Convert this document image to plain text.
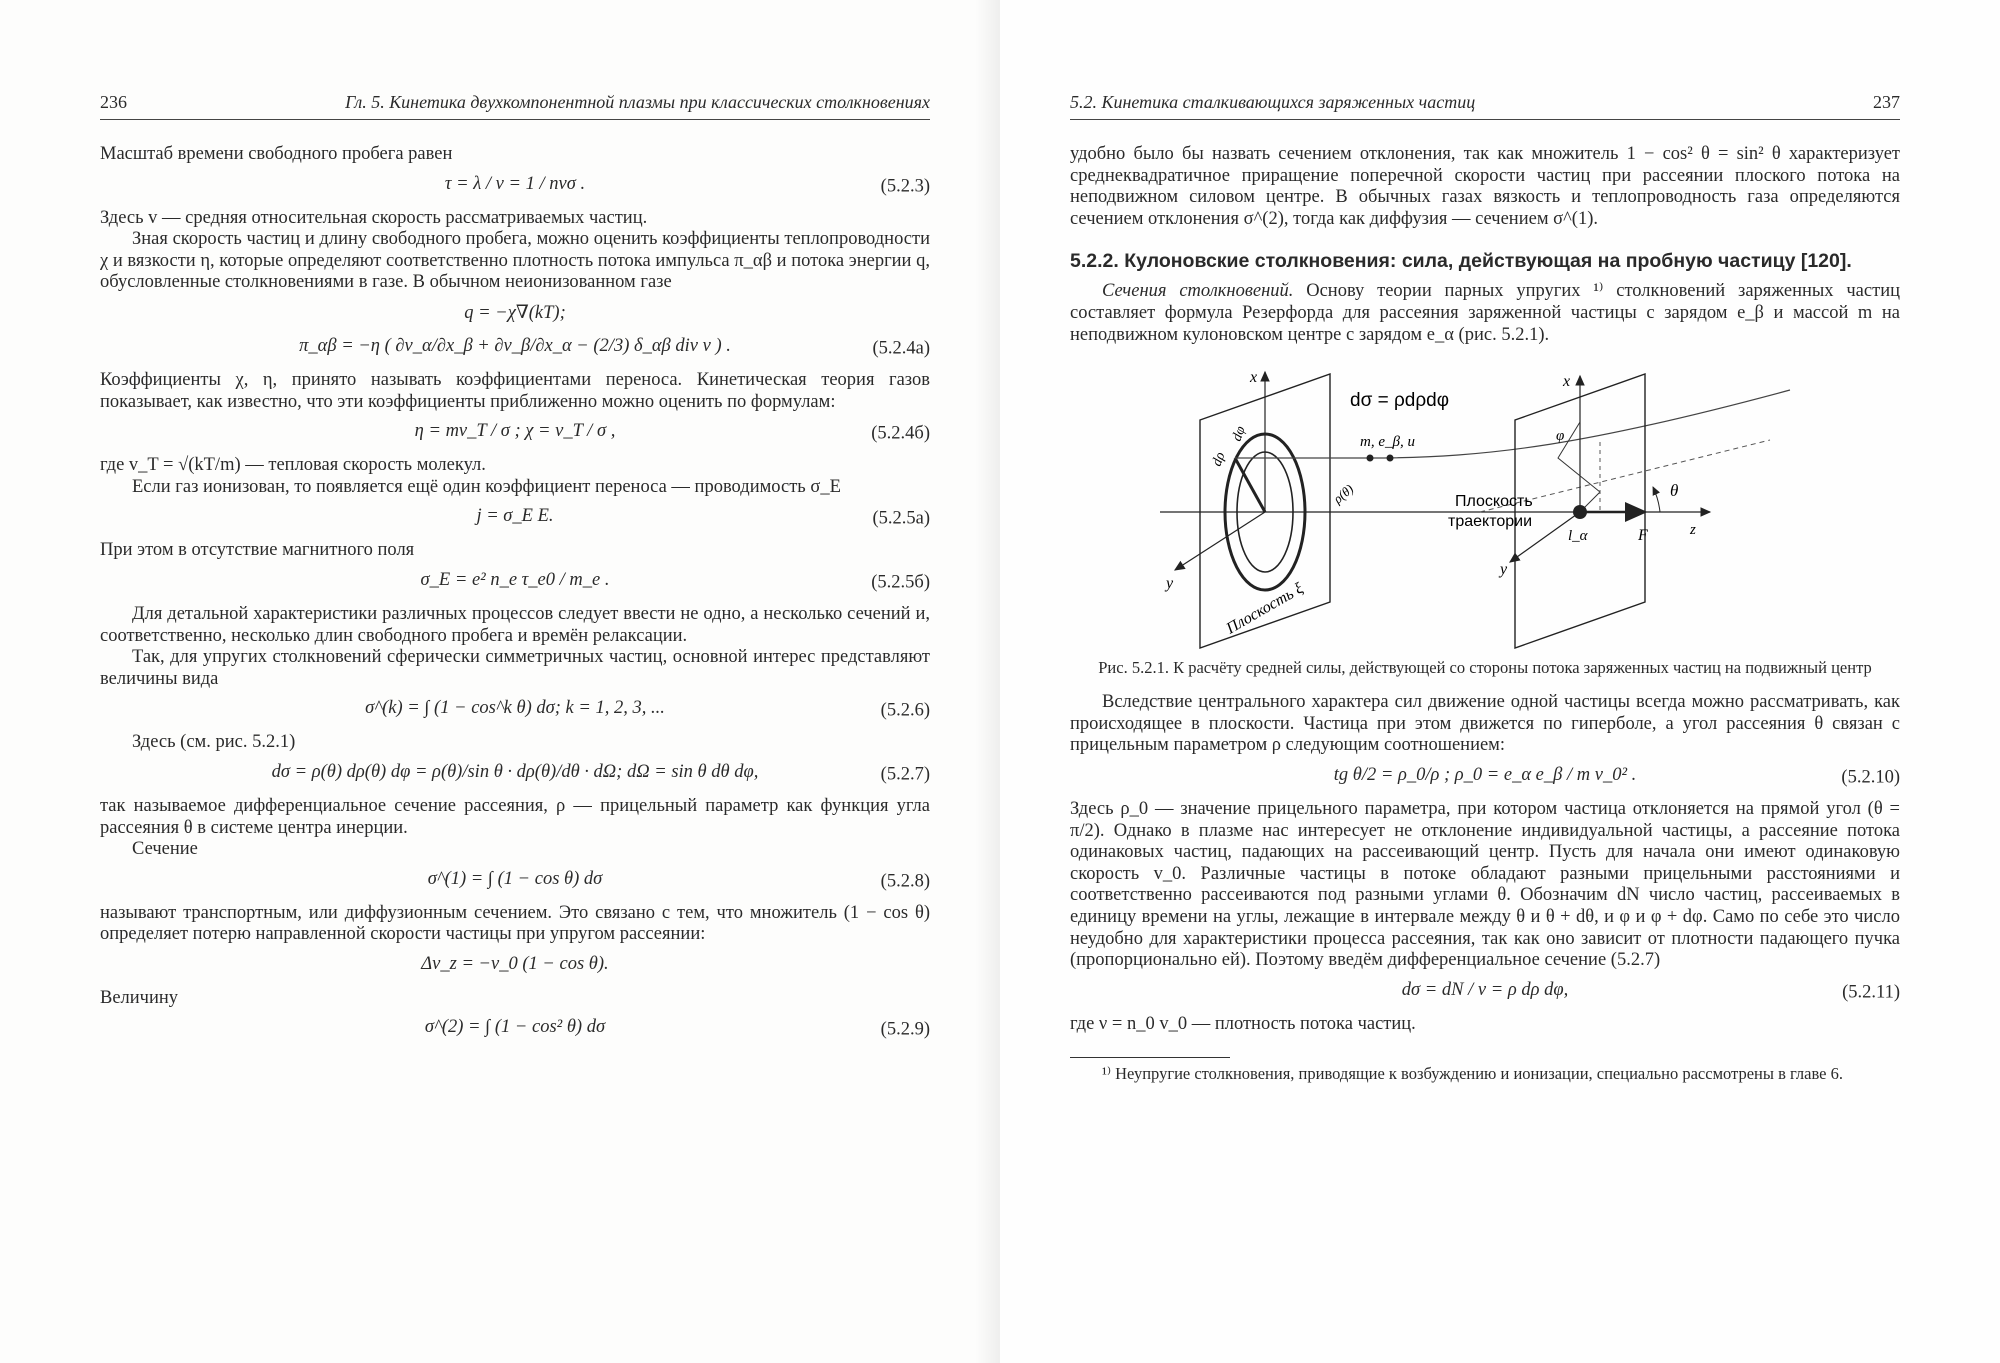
236	Гл. 5. Кинетика двухкомпонентной плазмы при классических столкновениях

Масштаб времени свободного пробега равен

τ = λ / v = 1 / nvσ .	(5.2.3)

Здесь v — средняя относительная скорость рассматриваемых частиц.

Зная скорость частиц и длину свободного пробега, можно оценить коэффициенты теплопроводности χ и вязкости η, которые определяют соответственно плотность потока импульса π_αβ и потока энергии q, обусловленные столкновениями в газе. В обычном неионизованном газе

q = −χ∇(kT);
π_αβ = −η ( ∂v_α/∂x_β + ∂v_β/∂x_α − (2/3) δ_αβ div v ) .	(5.2.4а)

Коэффициенты χ, η, принято называть коэффициентами переноса. Кинетическая теория газов показывает, как известно, что эти коэффициенты приближенно можно оценить по формулам:

η = mv_T / σ ; χ = v_T / σ ,	(5.2.4б)

где v_T = √(kT/m) — тепловая скорость молекул.

Если газ ионизован, то появляется ещё один коэффициент переноса — проводимость σ_E

j = σ_E E.	(5.2.5а)

При этом в отсутствие магнитного поля

σ_E = e² n_e τ_e0 / m_e .	(5.2.5б)

Для детальной характеристики различных процессов следует ввести не одно, а несколько сечений и, соответственно, несколько длин свободного пробега и времён релаксации.

Так, для упругих столкновений сферически симметричных частиц, основной интерес представляют величины вида

σ^(k) = ∫ (1 − cos^k θ) dσ; k = 1, 2, 3, ...	(5.2.6)

Здесь (см. рис. 5.2.1)

dσ = ρ(θ) dρ(θ) dφ = ρ(θ)/sin θ · dρ(θ)/dθ · dΩ; dΩ = sin θ dθ dφ,	(5.2.7)

так называемое дифференциальное сечение рассеяния, ρ — прицельный параметр как функция угла рассеяния θ в системе центра инерции.

Сечение

σ^(1) = ∫ (1 − cos θ) dσ	(5.2.8)

называют транспортным, или диффузионным сечением. Это связано с тем, что множитель (1 − cos θ) определяет потерю направленной скорости частицы при упругом рассеянии:

Δv_z = −v_0 (1 − cos θ).

Величину

σ^(2) = ∫ (1 − cos² θ) dσ	(5.2.9)
5.2. Кинетика сталкивающихся заряженных частиц	237

удобно было бы назвать сечением отклонения, так как множитель 1 − cos² θ = sin² θ характеризует среднеквадратичное приращение поперечной скорости частиц при рассеянии плоского потока на неподвижном силовом центре. В обычных газах вязкость и теплопроводность газа определяются сечением отклонения σ^(2), тогда как диффузия — сечением σ^(1).

5.2.2. Кулоновские столкновения: сила, действующая на пробную частицу [120].

Сечения столкновений. Основу теории парных упругих ¹⁾ столкновений заряженных частиц составляет формула Резерфорда для рассеяния заряженной частицы с зарядом e_β и массой m на неподвижном кулоновском центре с зарядом e_α (рис. 5.2.1).

x
y
dσ = ρdρdφ
m, e_β, u
dρ
dφ
ρ(θ)	Плоскость
траектории
Плоскость ξ
x
y
φ
l_α	F
θ
z
Рис. 5.2.1. К расчёту средней силы, действующей со стороны потока заряженных частиц на подвижный центр

Вследствие центрального характера сил движение одной частицы всегда можно рассматривать, как происходящее в плоскости. Частица при этом движется по гиперболе, а угол рассеяния θ связан с прицельным параметром ρ следующим соотношением:

tg θ/2 = ρ_0/ρ ; ρ_0 = e_α e_β / m v_0² .	(5.2.10)

Здесь ρ_0 — значение прицельного параметра, при котором частица отклоняется на прямой угол (θ = π/2). Однако в плазме нас интересует не отклонение индивидуальной частицы, а рассеяние потока одинаковых частиц, падающих на рассеивающий центр. Пусть для начала они имеют одинаковую скорость v_0. Различные частицы в потоке обладают разными прицельными расстояниями и соответственно рассеиваются под разными углами θ. Обозначим dN число частиц, рассеиваемых в единицу времени на углы, лежащие в интервале между θ и θ + dθ, и φ и φ + dφ. Само по себе это число неудобно для характеристики процесса рассеяния, так как оно зависит от плотности падающего пучка (пропорционально ей). Поэтому введём дифференциальное сечение (5.2.7)

dσ = dN / ν = ρ dρ dφ,	(5.2.11)

где ν = n_0 v_0 — плотность потока частиц.

¹⁾ Неупругие столкновения, приводящие к возбуждению и ионизации, специально рассмотрены в главе 6.
